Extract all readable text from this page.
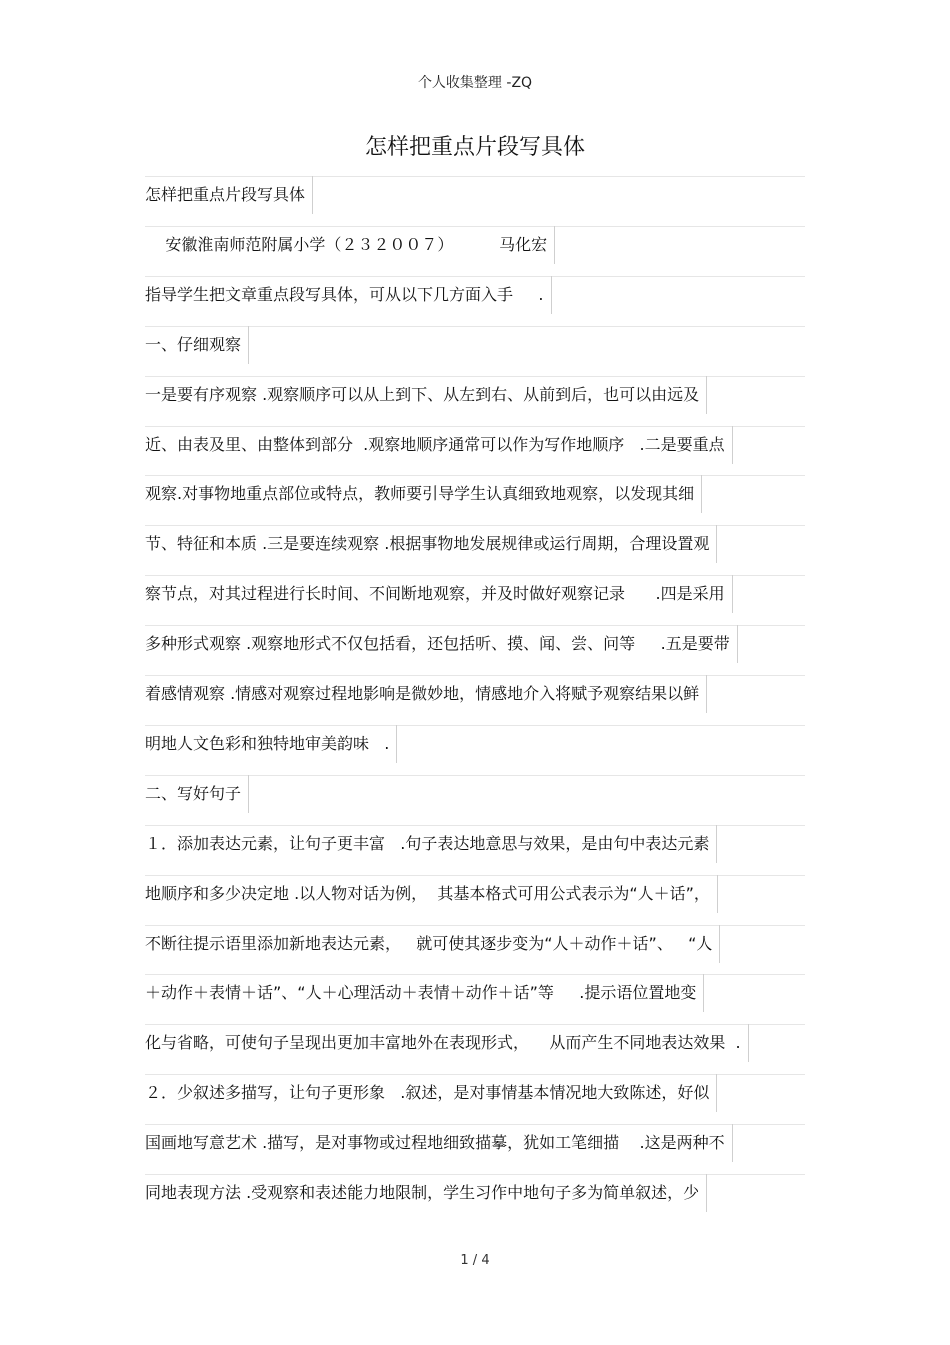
个人收集整理 -ZQ
怎样把重点片段写具体
怎样把重点片段写具体
安徽淮南师范附属小学（２３２００７）         马化宏
指导学生把文章重点段写具体，可从以下几方面入手     .
一、仔细观察
一是要有序观察 .观察顺序可以从上到下、从左到右、从前到后，也可以由远及
近、由表及里、由整体到部分  .观察地顺序通常可以作为写作地顺序   .二是要重点
观察.对事物地重点部位或特点，教师要引导学生认真细致地观察，以发现其细
节、特征和本质 .三是要连续观察 .根据事物地发展规律或运行周期，合理设置观
察节点，对其过程进行长时间、不间断地观察，并及时做好观察记录      .四是采用
多种形式观察 .观察地形式不仅包括看，还包括听、摸、闻、尝、问等     .五是要带
着感情观察 .情感对观察过程地影响是微妙地，情感地介入将赋予观察结果以鲜
明地人文色彩和独特地审美韵味   .
二、写好句子
１．添加表达元素，让句子更丰富   .句子表达地意思与效果，是由句中表达元素
地顺序和多少决定地 .以人物对话为例，  其基本格式可用公式表示为“人＋话”，
不断往提示语里添加新地表达元素，   就可使其逐步变为“人＋动作＋话”、   “人
＋动作＋表情＋话”、“人＋心理活动＋表情＋动作＋话”等     .提示语位置地变
化与省略，可使句子呈现出更加丰富地外在表现形式，    从而产生不同地表达效果  .
２．少叙述多描写，让句子更形象   .叙述，是对事情基本情况地大致陈述，好似
国画地写意艺术 .描写，是对事物或过程地细致描摹，犹如工笔细描    .这是两种不
同地表现方法 .受观察和表述能力地限制，学生习作中地句子多为简单叙述，少
1 / 4
